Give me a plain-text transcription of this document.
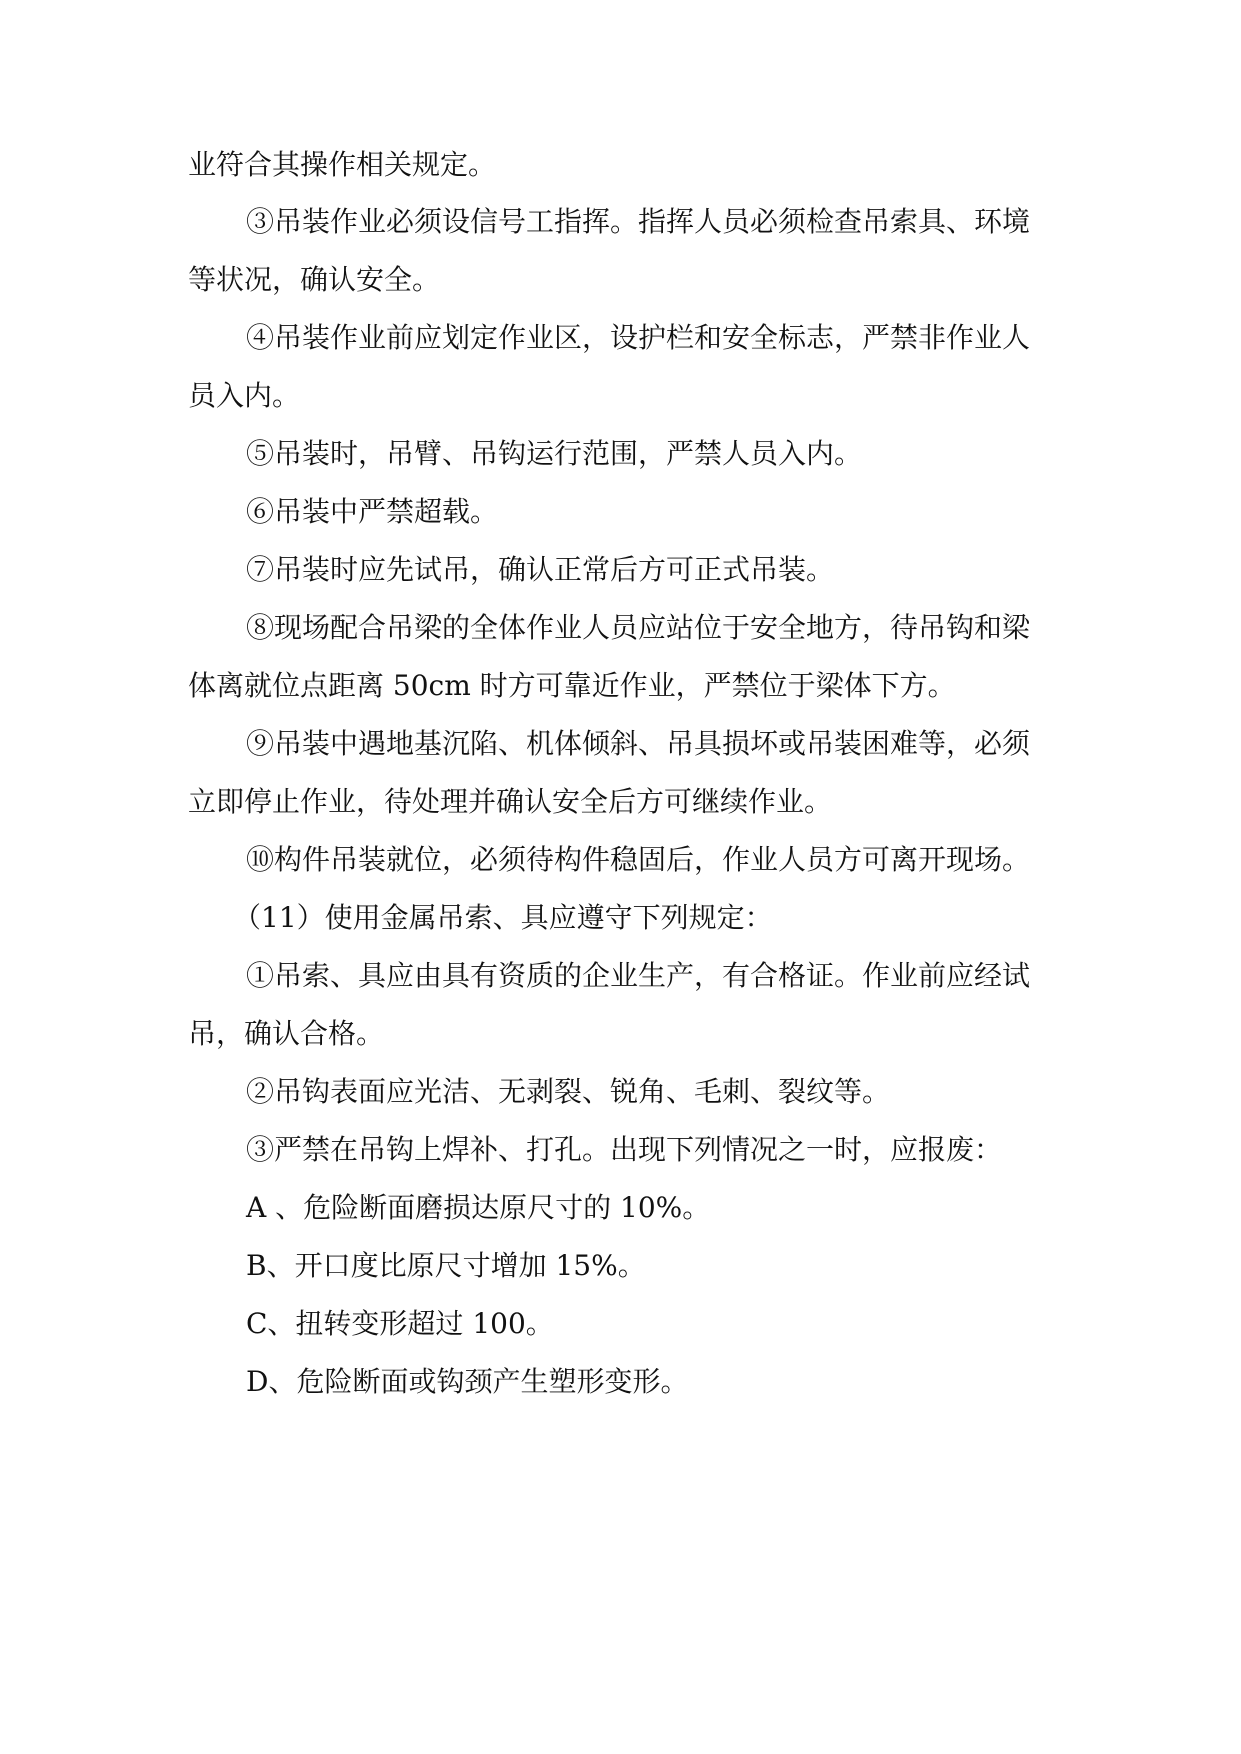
业符合其操作相关规定。
③吊装作业必须设信号工指挥。指挥人员必须检查吊索具、环境
等状况，确认安全。
④吊装作业前应划定作业区，设护栏和安全标志，严禁非作业人
员入内。
⑤吊装时，吊臂、吊钩运行范围，严禁人员入内。
⑥吊装中严禁超载。
⑦吊装时应先试吊，确认正常后方可正式吊装。
⑧现场配合吊梁的全体作业人员应站位于安全地方，待吊钩和梁
体离就位点距离 50cm 时方可靠近作业，严禁位于梁体下方。
⑨吊装中遇地基沉陷、机体倾斜、吊具损坏或吊装困难等，必须
立即停止作业，待处理并确认安全后方可继续作业。
⑩构件吊装就位，必须待构件稳固后，作业人员方可离开现场。
（11）使用金属吊索、具应遵守下列规定：
①吊索、具应由具有资质的企业生产，有合格证。作业前应经试
吊，确认合格。
②吊钩表面应光洁、无剥裂、锐角、毛刺、裂纹等。
③严禁在吊钩上焊补、打孔。出现下列情况之一时，应报废：
A 、危险断面磨损达原尺寸的 10%。
B、开口度比原尺寸增加 15%。
C、扭转变形超过 100。
D、危险断面或钩颈产生塑形变形。
